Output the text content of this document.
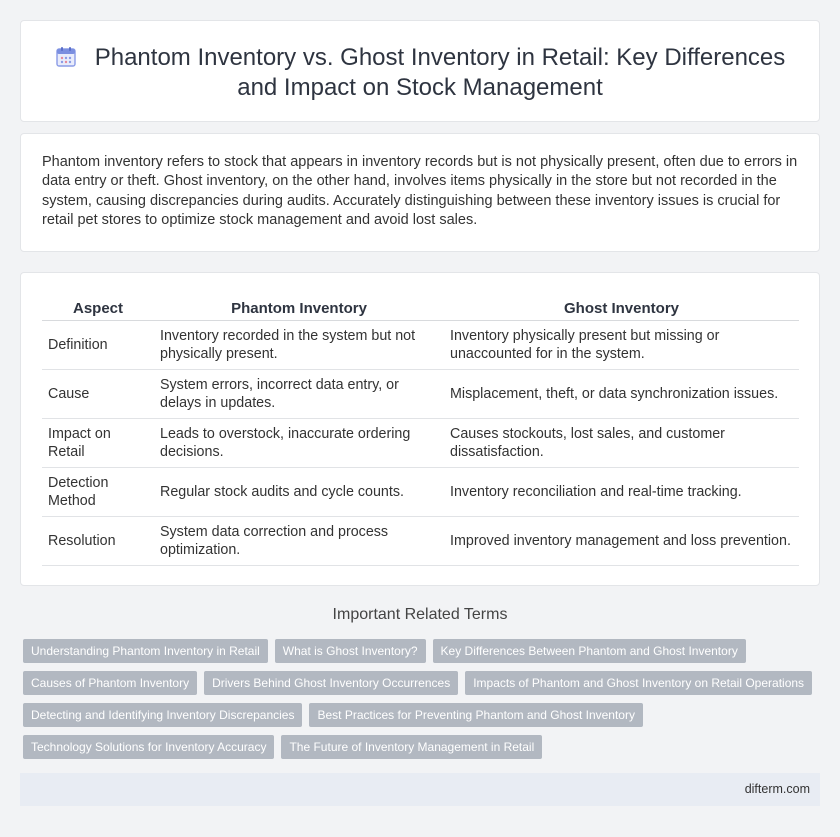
Phantom Inventory vs. Ghost Inventory in Retail: Key Differences and Impact on Stock Management

Phantom inventory refers to stock that appears in inventory records but is not physically present, often due to errors in data entry or theft. Ghost inventory, on the other hand, involves items physically in the store but not recorded in the system, causing discrepancies during audits. Accurately distinguishing between these inventory issues is crucial for retail pet stores to optimize stock management and avoid lost sales.

Aspect	Phantom Inventory	Ghost Inventory
Definition	Inventory recorded in the system but not physically present.	Inventory physically present but missing or unaccounted for in the system.
Cause	System errors, incorrect data entry, or delays in updates.	Misplacement, theft, or data synchronization issues.
Impact on Retail	Leads to overstock, inaccurate ordering decisions.	Causes stockouts, lost sales, and customer dissatisfaction.
Detection Method	Regular stock audits and cycle counts.	Inventory reconciliation and real-time tracking.
Resolution	System data correction and process optimization.	Improved inventory management and loss prevention.
Important Related Terms
Understanding Phantom Inventory in Retail What is Ghost Inventory? Key Differences Between Phantom and Ghost Inventory
Causes of Phantom Inventory Drivers Behind Ghost Inventory Occurrences Impacts of Phantom and Ghost Inventory on Retail Operations
Detecting and Identifying Inventory Discrepancies Best Practices for Preventing Phantom and Ghost Inventory
Technology Solutions for Inventory Accuracy The Future of Inventory Management in Retail
difterm.com
